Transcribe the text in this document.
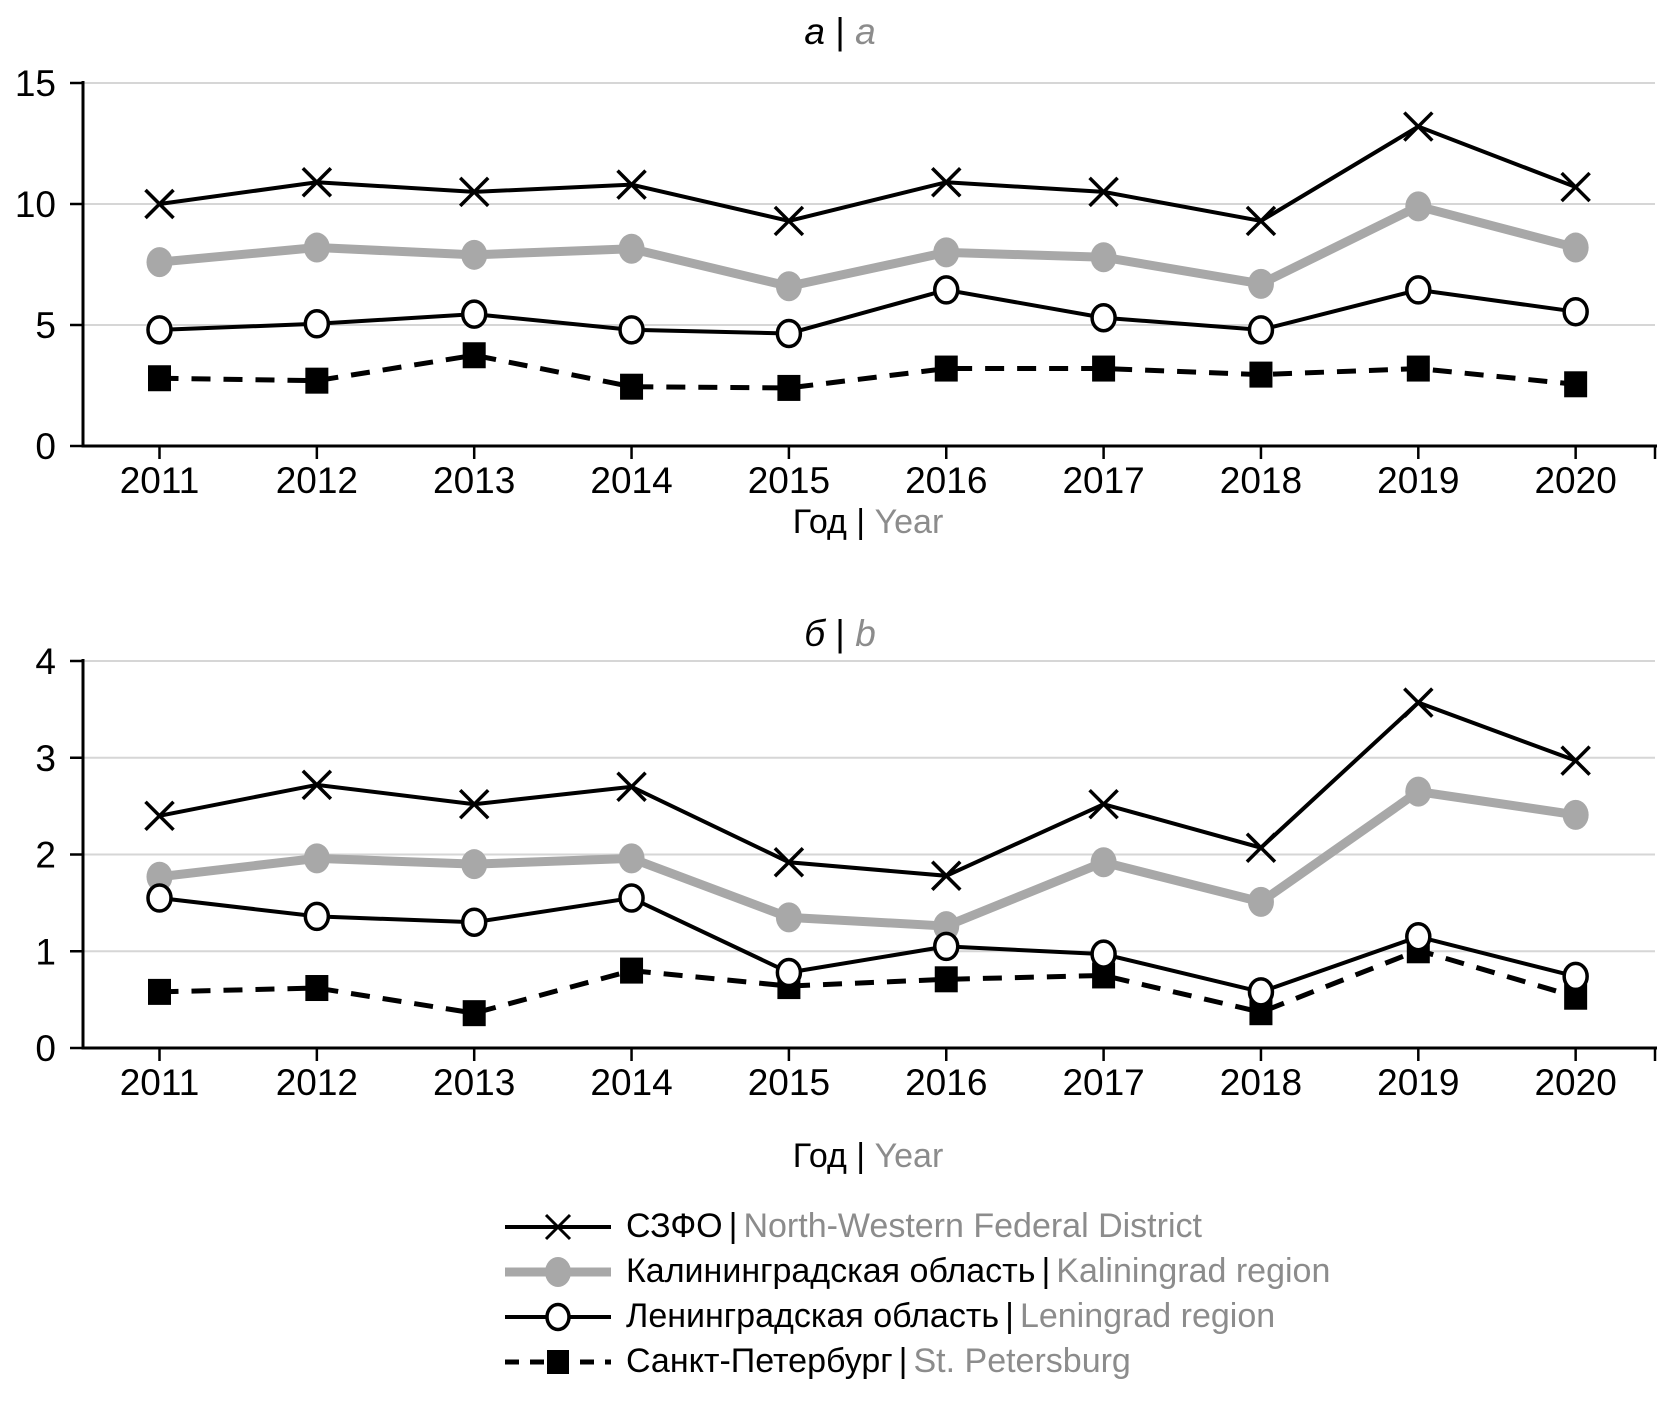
0
5
10
15
2011 2012 2013 2014 2015 2016 2017 2018 2019 2020
а | a
Год | Year
0
1
2
3
4
2011 2012 2013 2014 2015 2016 2017 2018 2019 2020
б | b
Год | Year
СЗФО | North-Western Federal District
Калининградская область | Kaliningrad region
Ленинградская область | Leningrad region
Санкт-Петербург | St. Petersburg
